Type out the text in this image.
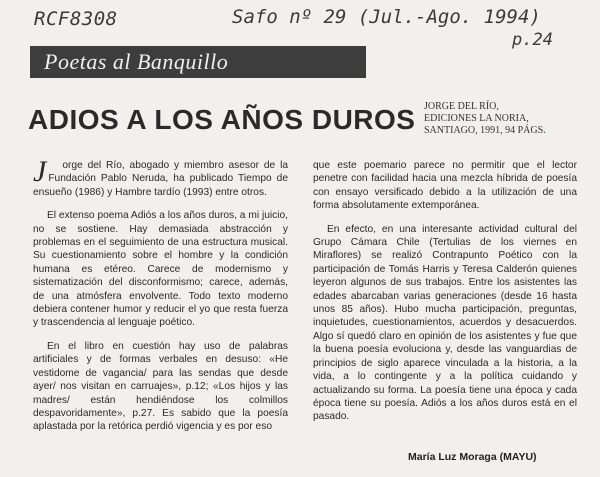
RCF8308	Safo nº 29 (Jul.-Ago. 1994)
p.24
Poetas al Banquillo
ADIOS A LOS AÑOS DUROS JORGE DEL RÍO,
EDICIONES LA NORIA,
SANTIAGO, 1991, 94 PÁGS.

Jorge del Río, abogado y miembro asesor de la Fundación Pablo Neruda, ha publicado Tiempo de ensueño (1986) y Hambre tardío (1993) entre otros.

El extenso poema Adiós a los años duros, a mi juicio, no se sostiene. Hay demasiada abstracción y problemas en el seguimiento de una estructura musical. Su cuestionamiento sobre el hombre y la condición humana es etéreo. Carece de modernismo y sistematización del disconformismo; carece, además, de una atmósfera envolvente. Todo texto moderno debiera contener humor y reducir el yo que resta fuerza y trascendencia al lenguaje poético.

En el libro en cuestión hay uso de palabras artificiales y de formas verbales en desuso: «He vestidome de vagancia/ para las sendas que desde ayer/ nos visitan en carruajes», p.12; «Los hijos y las madres/ están hendiéndose los colmillos despavoridamente», p.27. Es sabido que la poesía aplastada por la retórica perdió vigencia y es por eso

que este poemario parece no permitir que el lector penetre con facilidad hacia una mezcla híbrida de poesía con ensayo versificado debido a la utilización de una forma absolutamente extemporánea.

En efecto, en una interesante actividad cultural del Grupo Cámara Chile (Tertulias de los viernes en Miraflores) se realizó Contrapunto Poético con la participación de Tomás Harris y Teresa Calderón quienes leyeron algunos de sus trabajos. Entre los asistentes las edades abarcaban varias generaciones (desde 16 hasta unos 85 años). Hubo mucha participación, preguntas, inquietudes, cuestionamientos, acuerdos y desacuerdos. Algo sí quedó claro en opinión de los asistentes y fue que la buena poesía evoluciona y, desde las vanguardias de principios de siglo aparece vinculada a la historia, a la vida, a lo contingente y a la política cuidando y actualizando su forma. La poesía tiene una época y cada época tiene su poesía. Adiós a los años duros está en el pasado.

María Luz Moraga (MAYU)
